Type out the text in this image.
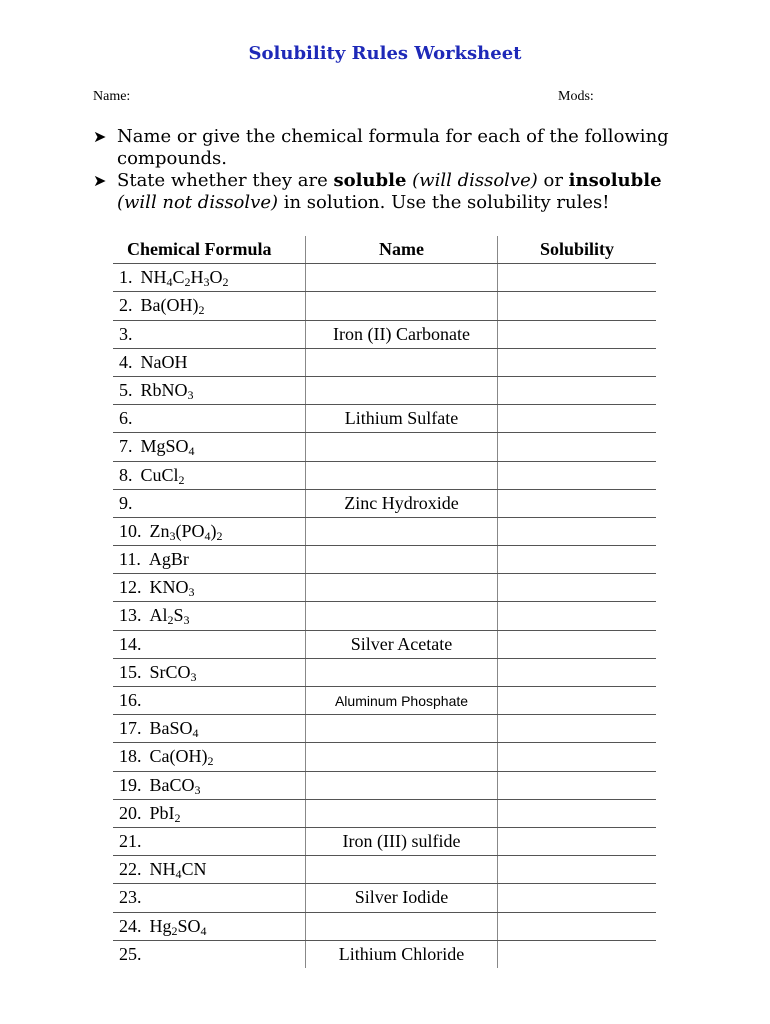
Solubility Rules Worksheet
Name:	Mods:
➤ Name or give the chemical formula for each of the following compounds.
➤ State whether they are soluble (will dissolve) or insoluble (will not dissolve) in solution. Use the solubility rules!
Chemical Formula	Name	Solubility
1. $NH_4C_2H_3O_2$
2. $Ba(OH)_2$
3.	Iron (II) Carbonate
4. NaOH
5. RbNO$_3$
6.	Lithium Sulfate
7. MgSO$_4$
8. CuCl$_2$
9.	Zinc Hydroxide
10. $Zn_3(PO_4)_2$
11. AgBr
12. $KNO_3$
13. $Al_2S_3$
14.	Silver Acetate
15. SrCO$_3$
16.	Aluminum Phosphate
17. BaSO$_4$
18. $Ca(OH)_2$
19. BaCO$_3$
20. PbI$_2$
21.	Iron (III) sulfide
22. $NH_4CN$
23.	Silver Iodide
24. $Hg_2SO_4$
25.	Lithium Chloride
